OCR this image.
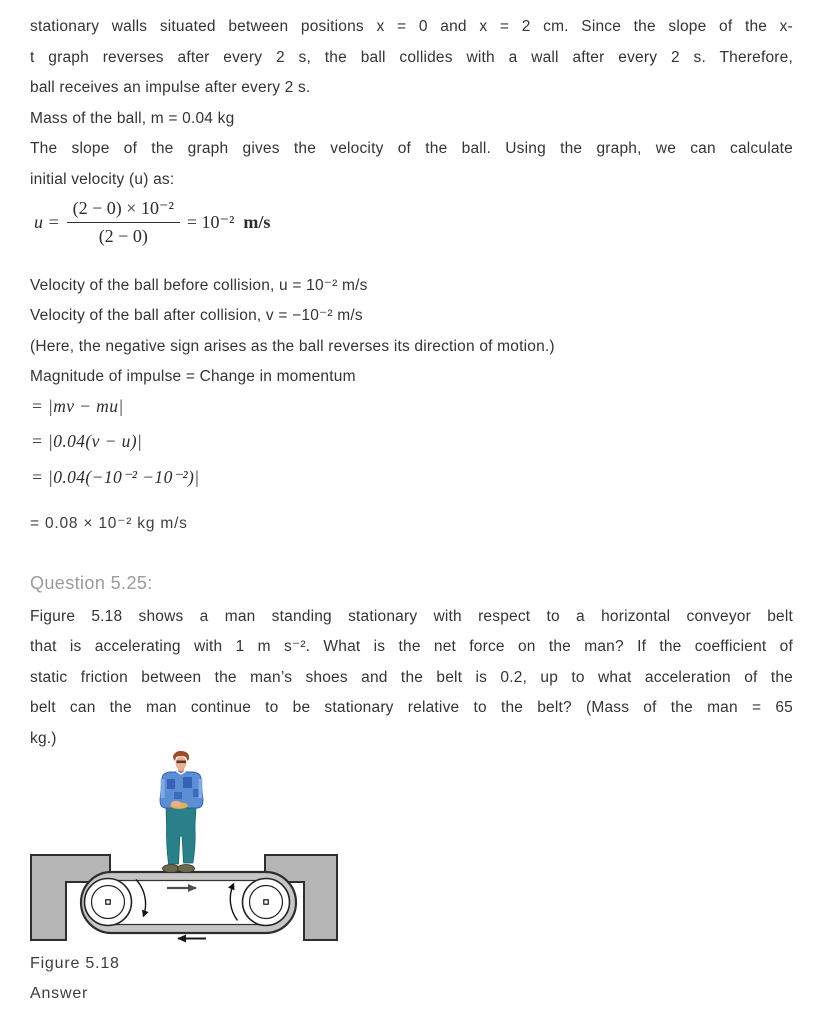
stationary walls situated between positions x = 0 and x = 2 cm. Since the slope of the x-
t graph reverses after every 2 s, the ball collides with a wall after every 2 s. Therefore,
ball receives an impulse after every 2 s.
Mass of the ball, m = 0.04 kg
The slope of the graph gives the velocity of the ball. Using the graph, we can calculate
initial velocity (u) as:
$u = \frac{\text{(2 − 0) × 10⁻²}}{(2 - 0)} = 10^{-2}$ m/s
Velocity of the ball before collision, u = 10⁻² m/s
Velocity of the ball after collision, v = −10⁻² m/s
(Here, the negative sign arises as the ball reverses its direction of motion.)
Magnitude of impulse = Change in momentum
= |mv − mu|
= |0.04(v − u)|
= |0.04(−10⁻² −10⁻²)|
= 0.08 × 10⁻² kg m/s
Question 5.25:
Figure 5.18 shows a man standing stationary with respect to a horizontal conveyor belt
that is accelerating with 1 m s⁻². What is the net force on the man? If the coefficient of
static friction between the man’s shoes and the belt is 0.2, up to what acceleration of the
belt can the man continue to be stationary relative to the belt? (Mass of the man = 65
kg.)
Figure 5.18
Answer
